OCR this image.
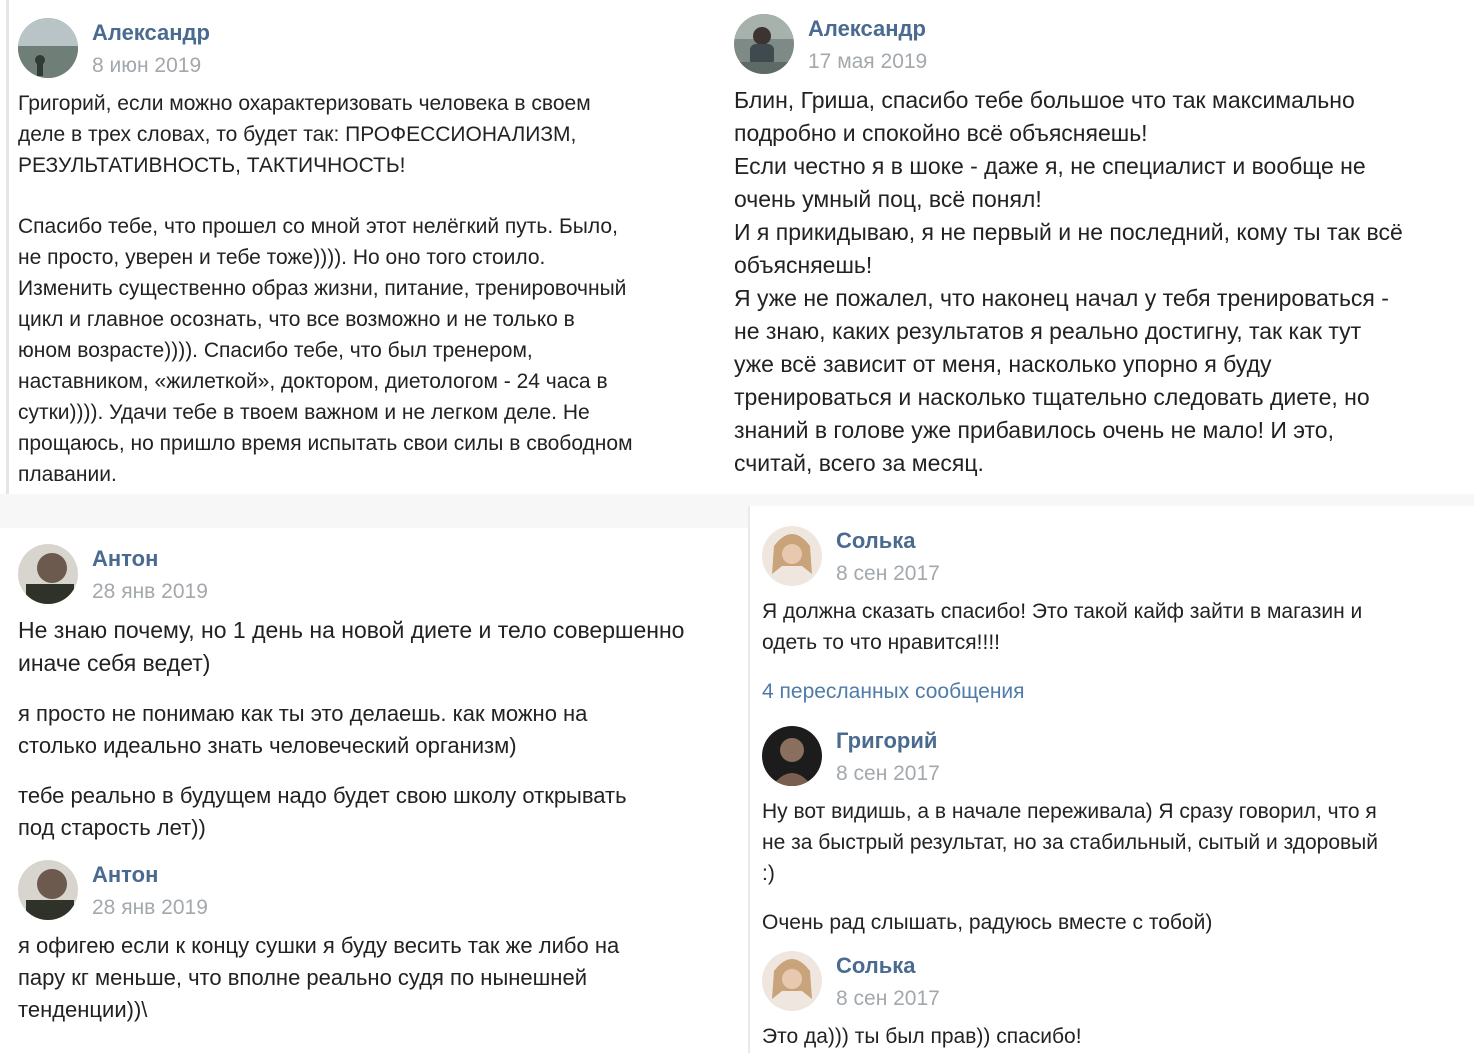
Александр
8 июн 2019

Григорий, если можно охарактеризовать человека в своем
деле в трех словах, то будет так: ПРОФЕССИОНАЛИЗМ,
РЕЗУЛЬТАТИВНОСТЬ, ТАКТИЧНОСТЬ!

Спасибо тебе, что прошел со мной этот нелёгкий путь. Было,
не просто, уверен и тебе тоже)))). Но оно того стоило.
Изменить существенно образ жизни, питание, тренировочный
цикл и главное осознать, что все возможно и не только в
юном возрасте)))). Спасибо тебе, что был тренером,
наставником, «жилеткой», доктором, диетологом - 24 часа в
сутки)))). Удачи тебе в твоем важном и не легком деле. Не
прощаюсь, но пришло время испытать свои силы в свободном
плавании.

Александр
17 мая 2019

Блин, Гриша, спасибо тебе большое что так максимально
подробно и спокойно всё объясняешь!
Если честно я в шоке - даже я, не специалист и вообще не
очень умный поц, всё понял!
И я прикидываю, я не первый и не последний, кому ты так всё
объясняешь!
Я уже не пожалел, что наконец начал у тебя тренироваться -
не знаю, каких результатов я реально достигну, так как тут
уже всё зависит от меня, насколько упорно я буду
тренироваться и насколько тщательно следовать диете, но
знаний в голове уже прибавилось очень не мало! И это,
считай, всего за месяц.

Антон
28 янв 2019

Не знаю почему, но 1 день на новой диете и тело совершенно
иначе себя ведет)

я просто не понимаю как ты это делаешь. как можно на
столько идеально знать человеческий организм)

тебе реально в будущем надо будет свою школу открывать
под старость лет))

Антон
28 янв 2019

я офигею если к концу сушки я буду весить так же либо на
пару кг меньше, что вполне реально судя по нынешней
тенденции))\

Солька
8 сен 2017

Я должна сказать спасибо! Это такой кайф зайти в магазин и
одеть то что нравится!!!!

4 пересланных сообщения

Григорий
8 сен 2017

Ну вот видишь, а в начале переживала) Я сразу говорил, что я
не за быстрый результат, но за стабильный, сытый и здоровый
:)

Очень рад слышать, радуюсь вместе с тобой)

Солька
8 сен 2017

Это да))) ты был прав)) спасибо!
